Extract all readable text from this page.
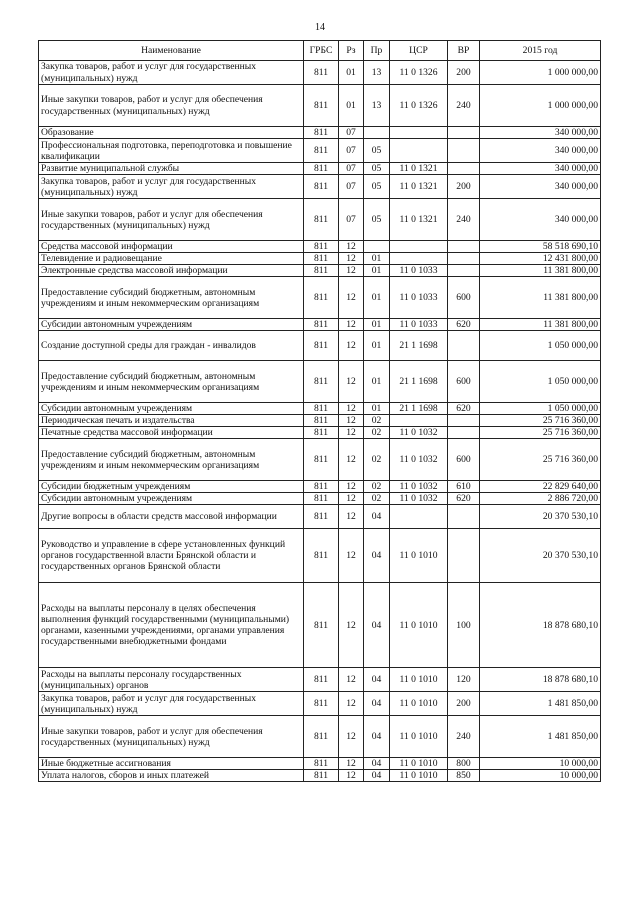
14
Наименование	ГРБС	Рз	Пр	ЦСР	ВР	2015 год
Закупка товаров, работ и услуг для государственных (муниципальных) нужд	811	01	13	11 0 1326	200	1 000 000,00
Иные закупки товаров, работ и услуг для обеспечения государственных (муниципальных) нужд	811	01	13	11 0 1326	240	1 000 000,00
Образование	811	07				340 000,00
Профессиональная подготовка, переподготовка и повышение квалификации	811	07	05			340 000,00
Развитие муниципальной службы	811	07	05	11 0 1321		340 000,00
Закупка товаров, работ и услуг для государственных (муниципальных) нужд	811	07	05	11 0 1321	200	340 000,00
Иные закупки товаров, работ и услуг для обеспечения государственных (муниципальных) нужд	811	07	05	11 0 1321	240	340 000,00
Средства массовой информации	811	12				58 518 690,10
Телевидение и радиовещание	811	12	01			12 431 800,00
Электронные средства массовой информации	811	12	01	11 0 1033		11 381 800,00
Предоставление субсидий бюджетным, автономным учреждениям и иным некоммерческим организациям	811	12	01	11 0 1033	600	11 381 800,00
Субсидии автономным учреждениям	811	12	01	11 0 1033	620	11 381 800,00
Создание доступной среды для граждан - инвалидов	811	12	01	21 1 1698		1 050 000,00
Предоставление субсидий бюджетным, автономным учреждениям и иным некоммерческим организациям	811	12	01	21 1 1698	600	1 050 000,00
Субсидии автономным учреждениям	811	12	01	21 1 1698	620	1 050 000,00
Периодическая печать и издательства	811	12	02			25 716 360,00
Печатные средства массовой информации	811	12	02	11 0 1032		25 716 360,00
Предоставление субсидий бюджетным, автономным учреждениям и иным некоммерческим организациям	811	12	02	11 0 1032	600	25 716 360,00
Субсидии бюджетным учреждениям	811	12	02	11 0 1032	610	22 829 640,00
Субсидии автономным учреждениям	811	12	02	11 0 1032	620	2 886 720,00
Другие вопросы в области средств массовой информации	811	12	04			20 370 530,10
Руководство и управление в сфере установленных функций органов государственной власти Брянской области и государственных органов Брянской области	811	12	04	11 0 1010		20 370 530,10
Расходы на выплаты персоналу в целях обеспечения выполнения функций государственными (муниципальными) органами, казенными учреждениями, органами управления государственными внебюджетными фондами	811	12	04	11 0 1010	100	18 878 680,10
Расходы на выплаты персоналу государственных (муниципальных) органов	811	12	04	11 0 1010	120	18 878 680,10
Закупка товаров, работ и услуг для государственных (муниципальных) нужд	811	12	04	11 0 1010	200	1 481 850,00
Иные закупки товаров, работ и услуг для обеспечения государственных (муниципальных) нужд	811	12	04	11 0 1010	240	1 481 850,00
Иные бюджетные ассигнования	811	12	04	11 0 1010	800	10 000,00
Уплата налогов, сборов и иных платежей	811	12	04	11 0 1010	850	10 000,00
